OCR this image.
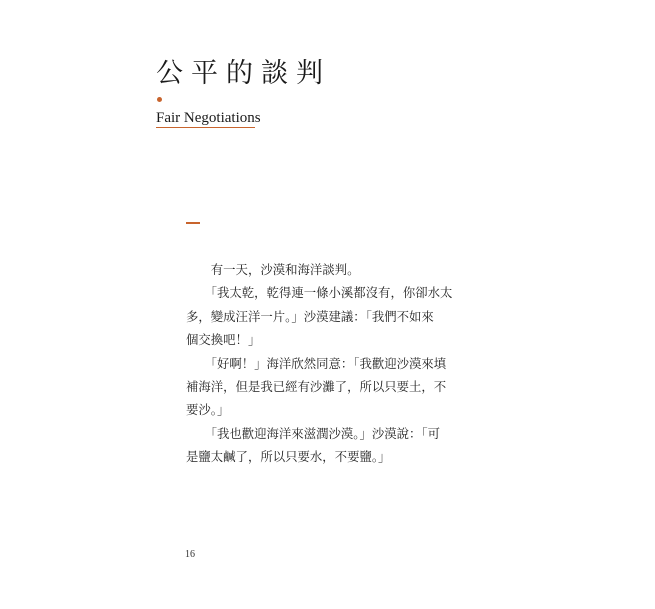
公平的談判
Fair Negotiations
　　有一天，沙漠和海洋談判。
　　「我太乾，乾得連一條小溪都沒有，你卻水太
多，變成汪洋一片。」沙漠建議：「我們不如來
個交換吧！」
　　「好啊！」海洋欣然同意：「我歡迎沙漠來填
補海洋，但是我已經有沙灘了，所以只要土，不
要沙。」
　　「我也歡迎海洋來滋潤沙漠。」沙漠說：「可
是鹽太鹹了，所以只要水，不要鹽。」
16
